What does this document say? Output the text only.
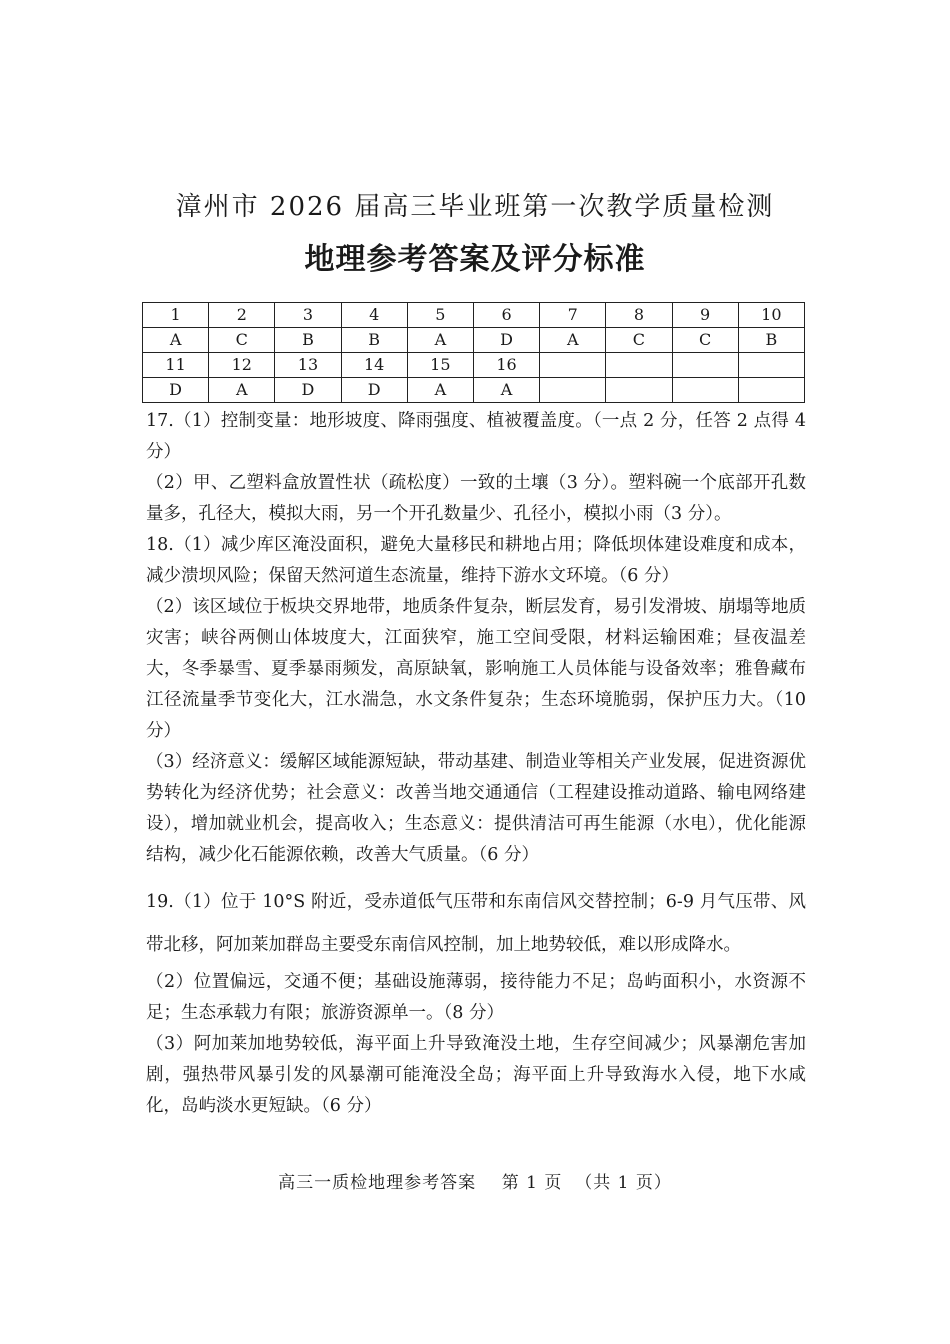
漳州市 2026 届高三毕业班第一次教学质量检测
地理参考答案及评分标准
1	2	3	4	5	6	7	8	9	10
A	C	B	B	A	D	A	C	C	B
11	12	13	14	15	16				
D	A	D	D	A	A				

17.（1）控制变量：地形坡度、降雨强度、植被覆盖度。（一点 2 分，任答 2 点得 4 分）

（2）甲、乙塑料盒放置性状（疏松度）一致的土壤（3 分）。塑料碗一个底部开孔数量多，孔径大，模拟大雨，另一个开孔数量少、孔径小，模拟小雨（3 分）。

18.（1）减少库区淹没面积，避免大量移民和耕地占用；降低坝体建设难度和成本，减少溃坝风险；保留天然河道生态流量，维持下游水文环境。（6 分）

（2）该区域位于板块交界地带，地质条件复杂，断层发育，易引发滑坡、崩塌等地质灾害；峡谷两侧山体坡度大，江面狭窄，施工空间受限，材料运输困难；昼夜温差大，冬季暴雪、夏季暴雨频发，高原缺氧，影响施工人员体能与设备效率；雅鲁藏布江径流量季节变化大，江水湍急，水文条件复杂；生态环境脆弱，保护压力大。（10 分）

（3）经济意义：缓解区域能源短缺，带动基建、制造业等相关产业发展，促进资源优势转化为经济优势；社会意义：改善当地交通通信（工程建设推动道路、输电网络建设），增加就业机会，提高收入；生态意义：提供清洁可再生能源（水电），优化能源结构，减少化石能源依赖，改善大气质量。（6 分）

19.（1）位于 10°S 附近，受赤道低气压带和东南信风交替控制；6-9 月气压带、风带北移，阿加莱加群岛主要受东南信风控制，加上地势较低，难以形成降水。

（2）位置偏远，交通不便；基础设施薄弱，接待能力不足；岛屿面积小，水资源不足；生态承载力有限；旅游资源单一。（8 分）

（3）阿加莱加地势较低，海平面上升导致淹没土地，生存空间减少；风暴潮危害加剧，强热带风暴引发的风暴潮可能淹没全岛；海平面上升导致海水入侵，地下水咸化，岛屿淡水更短缺。（6 分）

高三一质检地理参考答案    第 1 页  （共 1 页）
